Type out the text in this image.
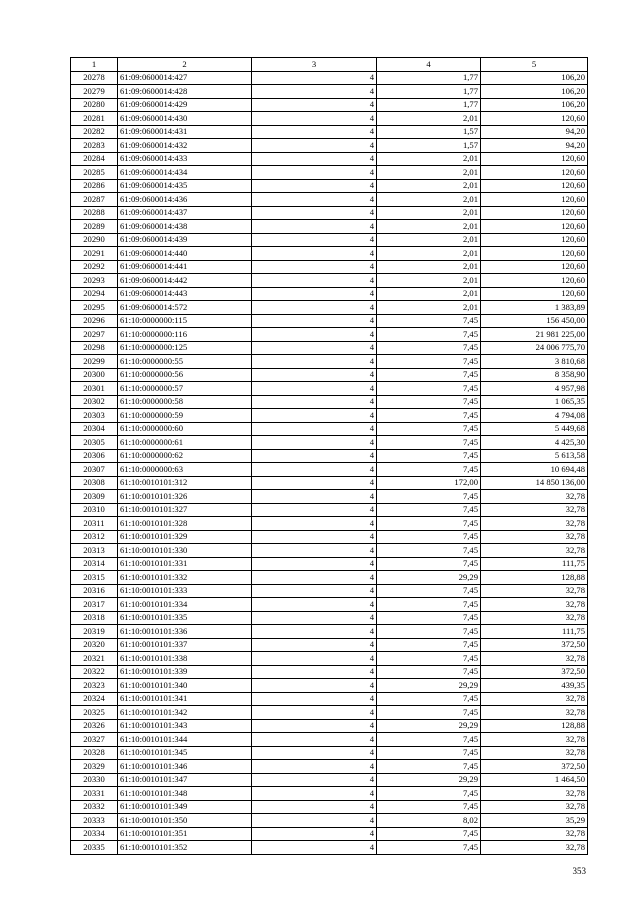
1	2	3	4	5
20278	61:09:0600014:427	4	1,77	106,20
20279	61:09:0600014:428	4	1,77	106,20
20280	61:09:0600014:429	4	1,77	106,20
20281	61:09:0600014:430	4	2,01	120,60
20282	61:09:0600014:431	4	1,57	94,20
20283	61:09:0600014:432	4	1,57	94,20
20284	61:09:0600014:433	4	2,01	120,60
20285	61:09:0600014:434	4	2,01	120,60
20286	61:09:0600014:435	4	2,01	120,60
20287	61:09:0600014:436	4	2,01	120,60
20288	61:09:0600014:437	4	2,01	120,60
20289	61:09:0600014:438	4	2,01	120,60
20290	61:09:0600014:439	4	2,01	120,60
20291	61:09:0600014:440	4	2,01	120,60
20292	61:09:0600014:441	4	2,01	120,60
20293	61:09:0600014:442	4	2,01	120,60
20294	61:09:0600014:443	4	2,01	120,60
20295	61:09:0600014:572	4	2,01	1 383,89
20296	61:10:0000000:115	4	7,45	156 450,00
20297	61:10:0000000:116	4	7,45	21 981 225,00
20298	61:10:0000000:125	4	7,45	24 006 775,70
20299	61:10:0000000:55	4	7,45	3 810,68
20300	61:10:0000000:56	4	7,45	8 358,90
20301	61:10:0000000:57	4	7,45	4 957,98
20302	61:10:0000000:58	4	7,45	1 065,35
20303	61:10:0000000:59	4	7,45	4 794,08
20304	61:10:0000000:60	4	7,45	5 449,68
20305	61:10:0000000:61	4	7,45	4 425,30
20306	61:10:0000000:62	4	7,45	5 613,58
20307	61:10:0000000:63	4	7,45	10 694,48
20308	61:10:0010101:312	4	172,00	14 850 136,00
20309	61:10:0010101:326	4	7,45	32,78
20310	61:10:0010101:327	4	7,45	32,78
20311	61:10:0010101:328	4	7,45	32,78
20312	61:10:0010101:329	4	7,45	32,78
20313	61:10:0010101:330	4	7,45	32,78
20314	61:10:0010101:331	4	7,45	111,75
20315	61:10:0010101:332	4	29,29	128,88
20316	61:10:0010101:333	4	7,45	32,78
20317	61:10:0010101:334	4	7,45	32,78
20318	61:10:0010101:335	4	7,45	32,78
20319	61:10:0010101:336	4	7,45	111,75
20320	61:10:0010101:337	4	7,45	372,50
20321	61:10:0010101:338	4	7,45	32,78
20322	61:10:0010101:339	4	7,45	372,50
20323	61:10:0010101:340	4	29,29	439,35
20324	61:10:0010101:341	4	7,45	32,78
20325	61:10:0010101:342	4	7,45	32,78
20326	61:10:0010101:343	4	29,29	128,88
20327	61:10:0010101:344	4	7,45	32,78
20328	61:10:0010101:345	4	7,45	32,78
20329	61:10:0010101:346	4	7,45	372,50
20330	61:10:0010101:347	4	29,29	1 464,50
20331	61:10:0010101:348	4	7,45	32,78
20332	61:10:0010101:349	4	7,45	32,78
20333	61:10:0010101:350	4	8,02	35,29
20334	61:10:0010101:351	4	7,45	32,78
20335	61:10:0010101:352	4	7,45	32,78
353
